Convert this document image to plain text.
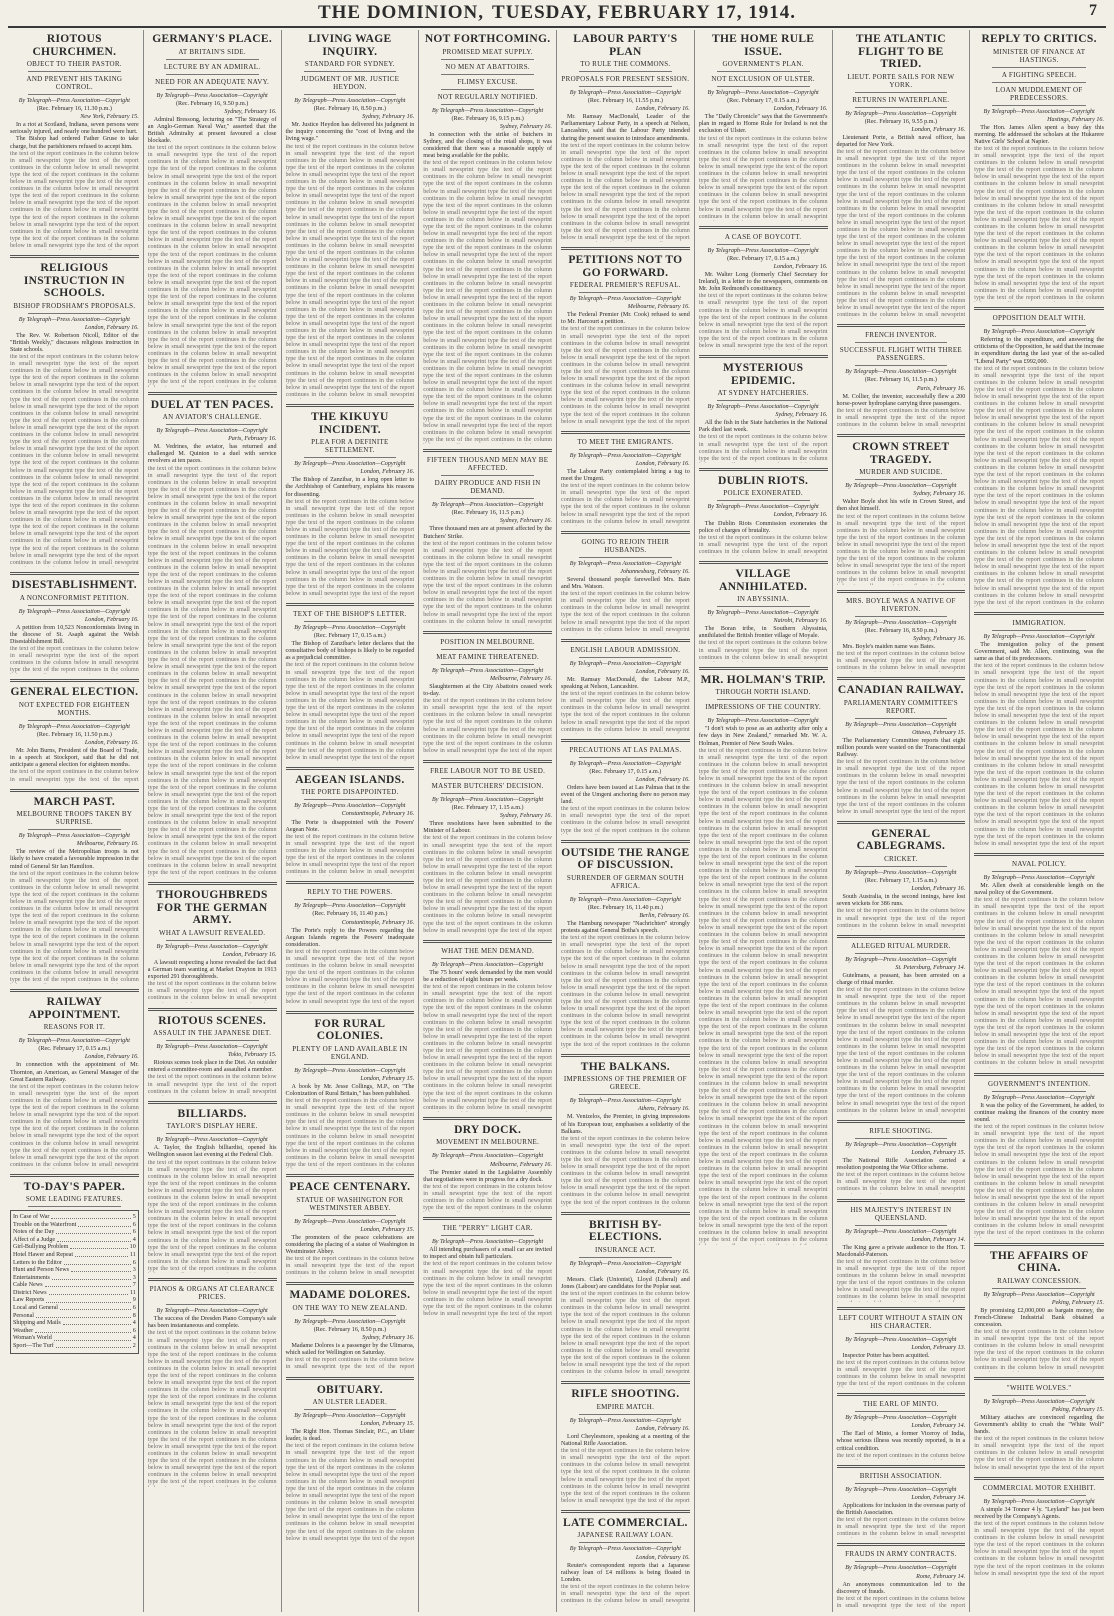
THE DOMINION, TUESDAY, FEBRUARY 17, 1914.	7
RIOTOUS CHURCHMEN.
OBJECT TO THEIR PASTOR.
AND PREVENT HIS TAKING CONTROL.
By Telegraph—Press Association—Copyright
(Rec. February 16, 11.30 p.m.)
New York, February 15.

In a riot at Scotland, Indiana, seven persons were seriously injured, and nearly one hundred were hurt.

The Bishop had ordered Father Gruse to take charge, but the parishioners refused to accept him.

the text of the report continues in the column below in small newsprint type the text of the report continues in the column below in small newsprint type the text of the report continues in the column below in small newsprint type the text of the report continues in the column below in small newsprint type the text of the report continues in the column below in small newsprint type the text of the report continues in the column below in small newsprint type the text of the report continues in the column below in small newsprint type the text of the report continues in the column below in small newsprint type the text of the report continues in the column below in small newsprint type the text of the report
RELIGIOUS INSTRUCTION IN SCHOOLS.
BISHOP FRODSHAM'S PROPOSALS.
By Telegraph—Press Association—Copyright
London, February 16.

The Rev. W. Robertson Nicoll, Editor of the "British Weekly," discusses religious instruction in State schools.

the text of the report continues in the column below in small newsprint type the text of the report continues in the column below in small newsprint type the text of the report continues in the column below in small newsprint type the text of the report continues in the column below in small newsprint type the text of the report continues in the column below in small newsprint type the text of the report continues in the column below in small newsprint type the text of the report continues in the column below in small newsprint type the text of the report continues in the column below in small newsprint type the text of the report continues in the column below in small newsprint type the text of the report continues in the column below in small newsprint type the text of the report continues in the column below in small newsprint type the text of the report continues in the column below in small newsprint type the text of the report continues in the column below in small newsprint type the text of the report continues in the column below in small newsprint type the text of the report continues in the column below in small newsprint type the text of the report continues in the column below in small newsprint type the text of the report continues in the column below in small newsprint type the text of the report continues in the column below in small newsprint type the text of the report continues in the column below in small newsprint type the text of the report continues in the column below in small newsprint
DISESTABLISHMENT.
A NONCONFORMIST PETITION.
By Telegraph—Press Association—Copyright
London, February 16.

A petition from 10,523 Nonconformists living in the diocese of St. Asaph against the Welsh Disestablishment Bill.

the text of the report continues in the column below in small newsprint type the text of the report continues in the column below in small newsprint type the text of the report continues in the column
GENERAL ELECTION.
NOT EXPECTED FOR EIGHTEEN MONTHS.
By Telegraph—Press Association—Copyright
(Rec. February 16, 11.50 p.m.)
London, February 16.

Mr. John Burns, President of the Board of Trade, in a speech at Stockport, said that he did not anticipate a general election for eighteen months.

the text of the report continues in the column below in small newsprint type the text of the report
MARCH PAST.
MELBOURNE TROOPS TAKEN BY SURPRISE.
By Telegraph—Press Association—Copyright
Melbourne, February 16.

The review of the Metropolitan troops is not likely to have created a favourable impression in the mind of General Sir Ian Hamilton.

the text of the report continues in the column below in small newsprint type the text of the report continues in the column below in small newsprint type the text of the report continues in the column below in small newsprint type the text of the report continues in the column below in small newsprint type the text of the report continues in the column below in small newsprint type the text of the report continues in the column below in small newsprint type the text of the report continues in the column below in small newsprint type the text of the report continues in the column below in small newsprint type the text of the report continues in the column below in small newsprint type the text of the report continues in the column below in small newsprint type the text of the report continues in the column
RAILWAY APPOINTMENT.
REASONS FOR IT.
By Telegraph—Press Association—Copyright
(Rec. February 17, 0.15 a.m.)
London, February 16.

In connection with the appointment of Mr. Thornton, an American, as General Manager of the Great Eastern Railway.

the text of the report continues in the column below in small newsprint type the text of the report continues in the column below in small newsprint type the text of the report continues in the column below in small newsprint type the text of the report continues in the column below in small newsprint type the text of the report continues in the column below in small newsprint type the text of the report continues in the column below in small newsprint type the text of the report continues in the column below in small newsprint type the text of the report continues in the column below in small newsprint
TO-DAY'S PAPER.
SOME LEADING FEATURES.
In Case of War	5
Trouble on the Waterfront	6
Notes of the Day	6
Affect of a Judge	4
Girl-Bullying Problem	10
Hotel Hawer and Repeat	11
Letters to the Editor	6
Hunt and Person News	3
Entertainments	3
Cable News	7
District News	11
Law Reports	9
Local and General	6
Personal	8
Shipping and Mails	4
Weather	6
Woman's World	4
Sport—The Turf	2
GERMANY'S PLACE.
AT BRITAIN'S SIDE.
LECTURE BY AN ADMIRAL.
NEED FOR AN ADEQUATE NAVY.
By Telegraph—Press Association—Copyright
(Rec. February 16, 9.50 p.m.)
Sydney, February 16.

Admiral Bressong, lecturing on "The Strategy of an Anglo-German Naval War," asserted that the British Admiralty at present favoured a close blockade.

the text of the report continues in the column below in small newsprint type the text of the report continues in the column below in small newsprint type the text of the report continues in the column below in small newsprint type the text of the report continues in the column below in small newsprint type the text of the report continues in the column below in small newsprint type the text of the report continues in the column below in small newsprint type the text of the report continues in the column below in small newsprint type the text of the report continues in the column below in small newsprint type the text of the report continues in the column below in small newsprint type the text of the report continues in the column below in small newsprint type the text of the report continues in the column below in small newsprint type the text of the report continues in the column below in small newsprint type the text of the report continues in the column below in small newsprint type the text of the report continues in the column below in small newsprint type the text of the report continues in the column below in small newsprint type the text of the report continues in the column below in small newsprint type the text of the report continues in the column below in small newsprint type the text of the report continues in the column below in small newsprint type the text of the report continues in the column below in small newsprint type the text of the report continues in the column below in small newsprint type the text of the report continues in the column below in small newsprint type the text of the report continues in the column below in small newsprint type the text of the report continues in the column
DUEL AT TEN PACES.
AN AVIATOR'S CHALLENGE.
By Telegraph—Press Association—Copyright
Paris, February 16.

M. Vedrines, the aviator, has returned and challenged M. Quinton to a duel with service revolvers at ten paces.

the text of the report continues in the column below in small newsprint type the text of the report continues in the column below in small newsprint type the text of the report continues in the column below in small newsprint type the text of the report continues in the column below in small newsprint type the text of the report continues in the column below in small newsprint type the text of the report continues in the column below in small newsprint type the text of the report continues in the column below in small newsprint type the text of the report continues in the column below in small newsprint type the text of the report continues in the column below in small newsprint type the text of the report continues in the column below in small newsprint type the text of the report continues in the column below in small newsprint type the text of the report continues in the column below in small newsprint type the text of the report continues in the column below in small newsprint type the text of the report continues in the column below in small newsprint type the text of the report continues in the column below in small newsprint type the text of the report continues in the column below in small newsprint type the text of the report continues in the column below in small newsprint type the text of the report continues in the column below in small newsprint type the text of the report continues in the column below in small newsprint type the text of the report continues in the column below in small newsprint type the text of the report continues in the column below in small newsprint type the text of the report continues in the column below in small newsprint type the text of the report continues in the column below in small newsprint type the text of the report continues in the column below in small newsprint type the text of the report continues in the column below in small newsprint type the text of the report continues in the column below in small newsprint type the text of the report continues in the column below in small newsprint type the text of the report continues in the column below in small newsprint type the text of the report continues in the column below in small newsprint type the text of the report continues in the column below in small newsprint type the text of the report continues in the column below in small newsprint type the text of the report continues in the column below in small newsprint type the text of the report continues in the column below in small newsprint type the text of the report continues in the column below in small newsprint type the text of the report continues in the column below in small newsprint type the text of the report continues in the column below in small newsprint type the text of the report continues in the column below in small newsprint type the text of the report continues in the column below in small newsprint type the text of the report continues in the column
THOROUGHBREDS FOR THE GERMAN ARMY.
WHAT A LAWSUIT REVEALED.
By Telegraph—Press Association—Copyright
London, February 16.

A lawsuit respecting a horse revealed the fact that a German team wanting at Market Drayton in 1913 exported 291 thoroughbreds.

the text of the report continues in the column below in small newsprint type the text of the report continues in the column below in small newsprint
RIOTOUS SCENES.
ASSAULT IN THE JAPANESE DIET.
By Telegraph—Press Association—Copyright
Tokio, February 15.

Riotous scenes took place in the Diet. An outsider entered a committee-room and assaulted a member.

the text of the report continues in the column below in small newsprint type the text of the report continues in the column below in small newsprint
BILLIARDS.
TAYLOR'S DISPLAY HERE.
By Telegraph—Press Association—Copyright

A. Taylor, the English billiardist, opened his Wellington season last evening at the Federal Club.

the text of the report continues in the column below in small newsprint type the text of the report continues in the column below in small newsprint type the text of the report continues in the column below in small newsprint type the text of the report continues in the column below in small newsprint type the text of the report continues in the column below in small newsprint type the text of the report continues in the column below in small newsprint type the text of the report continues in the column below in small newsprint type the text of the report continues in the column below in small newsprint type the text of the report continues in the column below in small newsprint type the text of the report continues in the column below in small newsprint type the text of the report continues in the column
PIANOS & ORGANS AT CLEARANCE PRICES.
By Telegraph—Press Association—Copyright

The success of the Dresden Piano Company's sale has been instantaneous and complete.

the text of the report continues in the column below in small newsprint type the text of the report continues in the column below in small newsprint type the text of the report continues in the column below in small newsprint type the text of the report continues in the column below in small newsprint type the text of the report continues in the column below in small newsprint type the text of the report continues in the column below in small newsprint type the text of the report continues in the column below in small newsprint type the text of the report continues in the column below in small newsprint type the text of the report continues in the column below in small newsprint type the text of the report continues in the column below in small newsprint type the text of the report continues in the column below in small newsprint type the text of the report continues in the column below in small newsprint type the text of the report continues in the column below in small newsprint type the text of the report continues in the column below in small newsprint type the text of the report continues in the column
LIVING WAGE INQUIRY.
STANDARD FOR SYDNEY.
JUDGMENT OF MR. JUSTICE HEYDON.
By Telegraph—Press Association—Copyright
(Rec. February 16, 8.50 p.m.)
Sydney, February 16.

Mr. Justice Heydon has delivered his judgment in the inquiry concerning the "cost of living and the living wage."

the text of the report continues in the column below in small newsprint type the text of the report continues in the column below in small newsprint type the text of the report continues in the column below in small newsprint type the text of the report continues in the column below in small newsprint type the text of the report continues in the column below in small newsprint type the text of the report continues in the column below in small newsprint type the text of the report continues in the column below in small newsprint type the text of the report continues in the column below in small newsprint type the text of the report continues in the column below in small newsprint type the text of the report continues in the column below in small newsprint type the text of the report continues in the column below in small newsprint type the text of the report continues in the column below in small newsprint type the text of the report continues in the column below in small newsprint type the text of the report continues in the column below in small newsprint type the text of the report continues in the column below in small newsprint type the text of the report continues in the column below in small newsprint type the text of the report continues in the column below in small newsprint type the text of the report continues in the column below in small newsprint type the text of the report continues in the column below in small newsprint type the text of the report continues in the column below in small newsprint type the text of the report continues in the column below in small newsprint type the text of the report continues in the column below in small newsprint type the text of the report continues in the column below in small newsprint type the text of the report continues in the column below in small newsprint
THE KIKUYU INCIDENT.
PLEA FOR A DEFINITE SETTLEMENT.
By Telegraph—Press Association—Copyright
London, February 16.

The Bishop of Zanzibar, in a long open letter to the Archbishop of Canterbury, explains his reasons for dissenting.

the text of the report continues in the column below in small newsprint type the text of the report continues in the column below in small newsprint type the text of the report continues in the column below in small newsprint type the text of the report continues in the column below in small newsprint type the text of the report continues in the column below in small newsprint type the text of the report continues in the column below in small newsprint type the text of the report continues in the column below in small newsprint type the text of the report continues in the column below in small newsprint type the text of the report continues in the column below in small newsprint type the text of the report
TEXT OF THE BISHOP'S LETTER.
By Telegraph—Press Association—Copyright
(Rec. February 17, 0.15 a.m.)

The Bishop of Zanzibar's letter declares that the consultative body of bishops is likely to be regarded as a prejudicial committee.

the text of the report continues in the column below in small newsprint type the text of the report continues in the column below in small newsprint type the text of the report continues in the column below in small newsprint type the text of the report continues in the column below in small newsprint type the text of the report continues in the column below in small newsprint type the text of the report continues in the column below in small newsprint type the text of the report continues in the column below in small newsprint type the text of the report continues in the column below in small newsprint type the text of the report continues in the column below in small newsprint type the text of the report
AEGEAN ISLANDS.
THE PORTE DISAPPOINTED.
By Telegraph—Press Association—Copyright
Constantinople, February 16.

The Porte is disappointed with the Powers' Aegean Note.

the text of the report continues in the column below in small newsprint type the text of the report continues in the column below in small newsprint type the text of the report continues in the column below in small newsprint type the text of the report continues in the column below in small newsprint
REPLY TO THE POWERS.
By Telegraph—Press Association—Copyright
(Rec. February 16, 11.40 p.m.)
Constantinople, February 16.

The Porte's reply to the Powers regarding the Aegean Islands regrets the Powers' inadequate consideration.

the text of the report continues in the column below in small newsprint type the text of the report continues in the column below in small newsprint type the text of the report continues in the column below in small newsprint type the text of the report continues in the column below in small newsprint type the text of the report continues in the column below in small newsprint type the text of the report
FOR RURAL COLONIES.
PLENTY OF LAND AVAILABLE IN ENGLAND.
By Telegraph—Press Association—Copyright
London, February 15.

A book by Mr. Jesse Collings, M.P., on "The Colonization of Rural Britain," has been published.

the text of the report continues in the column below in small newsprint type the text of the report continues in the column below in small newsprint type the text of the report continues in the column below in small newsprint type the text of the report continues in the column below in small newsprint type the text of the report continues in the column below in small newsprint type the text of the report continues in the column below in small newsprint type the text of the report continues in the column
PEACE CENTENARY.
STATUE OF WASHINGTON FOR WESTMINSTER ABBEY.
By Telegraph—Press Association—Copyright
London, February 15.

The promoters of the peace celebrations are considering the placing of a statue of Washington in Westminster Abbey.

the text of the report continues in the column below in small newsprint type the text of the report continues in the column below in small newsprint
MADAME DOLORES.
ON THE WAY TO NEW ZEALAND.
By Telegraph—Press Association—Copyright
(Rec. February 16, 8.50 p.m.)
Sydney, February 16.

Madame Dolores is a passenger by the Ulimaroa, which sailed for Wellington on Saturday.

the text of the report continues in the column below in small newsprint type the text of the report
OBITUARY.
AN ULSTER LEADER.
By Telegraph—Press Association—Copyright
London, February 15.

The Right Hon. Thomas Sinclair, P.C., an Ulster leader, is dead.

the text of the report continues in the column below in small newsprint type the text of the report continues in the column below in small newsprint type the text of the report continues in the column below in small newsprint type the text of the report continues in the column below in small newsprint type the text of the report continues in the column below in small newsprint type the text of the report continues in the column below in small newsprint type the text of the report continues in the column below in small newsprint type the text of the report continues in the column below in small newsprint type the text of the report continues in the column below in small newsprint type the text of the report
NOT FORTHCOMING.
PROMISED MEAT SUPPLY.
NO MEN AT ABATTOIRS.
FLIMSY EXCUSE.
NOT REGULARLY NOTIFIED.
By Telegraph—Press Association—Copyright
(Rec. February 16, 9.15 p.m.)
Sydney, February 16.

In connection with the strike of butchers in Sydney, and the closing of the retail shops, it was considered that there was a reasonable supply of meat being available for the public.

the text of the report continues in the column below in small newsprint type the text of the report continues in the column below in small newsprint type the text of the report continues in the column below in small newsprint type the text of the report continues in the column below in small newsprint type the text of the report continues in the column below in small newsprint type the text of the report continues in the column below in small newsprint type the text of the report continues in the column below in small newsprint type the text of the report continues in the column below in small newsprint type the text of the report continues in the column below in small newsprint type the text of the report continues in the column below in small newsprint type the text of the report continues in the column below in small newsprint type the text of the report continues in the column below in small newsprint type the text of the report continues in the column below in small newsprint type the text of the report continues in the column below in small newsprint type the text of the report continues in the column below in small newsprint type the text of the report continues in the column below in small newsprint type the text of the report continues in the column below in small newsprint type the text of the report continues in the column below in small newsprint type the text of the report continues in the column below in small newsprint type the text of the report continues in the column below in small newsprint type the text of the report continues in the column below in small newsprint type the text of the report continues in the column below in small newsprint type the text of the report continues in the column below in small newsprint type the text of the report continues in the column below in small newsprint type the text of the report continues in the column below in small newsprint type the text of the report continues in the column below in small newsprint type the text of the report continues in the column
FIFTEEN THOUSAND MEN MAY BE AFFECTED.
DAIRY PRODUCE AND FISH IN DEMAND.
By Telegraph—Press Association—Copyright
(Rec. February 16, 11.5 p.m.)
Sydney, February 16.

Three thousand men are at present affected by the Butchers' Strike.

the text of the report continues in the column below in small newsprint type the text of the report continues in the column below in small newsprint type the text of the report continues in the column below in small newsprint type the text of the report continues in the column below in small newsprint type the text of the report continues in the column below in small newsprint type the text of the report continues in the column below in small newsprint type the text of the report continues in the column below in small newsprint type the text of the report continues in the column below in small newsprint
POSITION IN MELBOURNE.
MEAT FAMINE THREATENED.
By Telegraph—Press Association—Copyright
Melbourne, February 16.

Slaughtermen at the City Abattoirs ceased work to-day.

the text of the report continues in the column below in small newsprint type the text of the report continues in the column below in small newsprint type the text of the report continues in the column below in small newsprint type the text of the report continues in the column below in small newsprint type the text of the report continues in the column below in small newsprint type the text of the report
FREE LABOUR NOT TO BE USED.
MASTER BUTCHERS' DECISION.
By Telegraph—Press Association—Copyright
(Rec. February 17, 1.15 a.m.)
Sydney, February 16.

Three resolutions have been submitted to the Minister of Labour.

the text of the report continues in the column below in small newsprint type the text of the report continues in the column below in small newsprint type the text of the report continues in the column below in small newsprint type the text of the report continues in the column below in small newsprint type the text of the report continues in the column below in small newsprint type the text of the report continues in the column below in small newsprint type the text of the report continues in the column below in small newsprint type the text of the report continues in the column below in small newsprint type the text of the report continues in the column below in small newsprint type the text of the report
WHAT THE MEN DEMAND.
By Telegraph—Press Association—Copyright

The 75 hours' week demanded by the men would be a reduction of eight hours per week.

the text of the report continues in the column below in small newsprint type the text of the report continues in the column below in small newsprint type the text of the report continues in the column below in small newsprint type the text of the report continues in the column below in small newsprint type the text of the report continues in the column below in small newsprint type the text of the report continues in the column below in small newsprint type the text of the report continues in the column below in small newsprint type the text of the report continues in the column below in small newsprint type the text of the report continues in the column below in small newsprint type the text of the report continues in the column below in small newsprint type the text of the report continues in the column below in small newsprint type the text of the report continues in the column below in small newsprint
DRY DOCK.
MOVEMENT IN MELBOURNE.
By Telegraph—Press Association—Copyright
Melbourne, February 16.

The Premier stated in the Legislative Assembly that negotiations were in progress for a dry dock.

the text of the report continues in the column below in small newsprint type the text of the report continues in the column below in small newsprint type the text of the report continues in the column
THE "PERRY" LIGHT CAR.
By Telegraph—Press Association—Copyright

All intending purchasers of a small car are invited to inspect and obtain full particulars.

the text of the report continues in the column below in small newsprint type the text of the report continues in the column below in small newsprint type the text of the report continues in the column below in small newsprint type the text of the report continues in the column below in small newsprint type the text of the report continues in the column below in small newsprint type the text of the report
LABOUR PARTY'S PLAN
TO RULE THE COMMONS.
PROPOSALS FOR PRESENT SESSION.
By Telegraph—Press Association—Copyright
(Rec. February 16, 11.55 p.m.)
London, February 16.

Mr. Ramsay MacDonald, Leader of the Parliamentary Labour Party, in a speech at Nelson, Lancashire, said that the Labour Party intended during the present session to introduce amendments.

the text of the report continues in the column below in small newsprint type the text of the report continues in the column below in small newsprint type the text of the report continues in the column below in small newsprint type the text of the report continues in the column below in small newsprint type the text of the report continues in the column below in small newsprint type the text of the report continues in the column below in small newsprint type the text of the report continues in the column below in small newsprint type the text of the report continues in the column below in small newsprint type the text of the report continues in the column below in small newsprint type the text of the report
PETITIONS NOT TO GO FORWARD.
FEDERAL PREMIER'S REFUSAL.
By Telegraph—Press Association—Copyright
Melbourne, February 16.

The Federal Premier (Mr. Cook) refused to send to Mr. Harcourt a petition.

the text of the report continues in the column below in small newsprint type the text of the report continues in the column below in small newsprint type the text of the report continues in the column below in small newsprint type the text of the report continues in the column below in small newsprint type the text of the report continues in the column below in small newsprint type the text of the report continues in the column below in small newsprint type the text of the report continues in the column below in small newsprint type the text of the report continues in the column below in small newsprint type the text of the report continues in the column below in small newsprint type the text of the report
TO MEET THE EMIGRANTS.
By Telegraph—Press Association—Copyright
London, February 16.

The Labour Party contemplated hiring a tug to meet the Umgeni.

the text of the report continues in the column below in small newsprint type the text of the report continues in the column below in small newsprint type the text of the report continues in the column below in small newsprint type the text of the report continues in the column below in small newsprint
GOING TO REJOIN THEIR HUSBANDS.
By Telegraph—Press Association—Copyright
Johannesburg, February 16.

Several thousand people farewelled Mrs. Bain and Mrs. Watson.

the text of the report continues in the column below in small newsprint type the text of the report continues in the column below in small newsprint type the text of the report continues in the column below in small newsprint type the text of the report continues in the column below in small newsprint
ENGLISH LABOUR ADMISSION.
By Telegraph—Press Association—Copyright
London, February 16.

Mr. Ramsay MacDonald, the Labour M.P., speaking at Nelson, Lancashire.

the text of the report continues in the column below in small newsprint type the text of the report continues in the column below in small newsprint type the text of the report continues in the column below in small newsprint type the text of the report continues in the column below in small newsprint
PRECAUTIONS AT LAS PALMAS.
By Telegraph—Press Association—Copyright
(Rec. February 17, 0.15 a.m.)
London, February 16.

Orders have been issued at Las Palmas that in the event of the Umgeni anchoring there no person may land.

the text of the report continues in the column below in small newsprint type the text of the report continues in the column below in small newsprint type the text of the report continues in the column
OUTSIDE THE RANGE OF DISCUSSION.
SURRENDER OF GERMAN SOUTH AFRICA.
By Telegraph—Press Association—Copyright
(Rec. February 16, 11.40 p.m.)
Berlin, February 16.

The Hamburg newspaper "Nachrichten" strongly protests against General Botha's speech.

the text of the report continues in the column below in small newsprint type the text of the report continues in the column below in small newsprint type the text of the report continues in the column below in small newsprint type the text of the report continues in the column below in small newsprint type the text of the report continues in the column below in small newsprint type the text of the report continues in the column below in small newsprint type the text of the report continues in the column below in small newsprint type the text of the report continues in the column below in small newsprint type the text of the report continues in the column below in small newsprint type the text of the report continues in the column below in small newsprint type the text of the report continues in the column
THE BALKANS.
IMPRESSIONS OF THE PREMIER OF GREECE.
By Telegraph—Press Association—Copyright
Athens, February 16.

M. Venizelos, the Premier, in giving impressions of his European tour, emphasises a solidarity of the Balkans.

the text of the report continues in the column below in small newsprint type the text of the report continues in the column below in small newsprint type the text of the report continues in the column below in small newsprint type the text of the report continues in the column below in small newsprint type the text of the report continues in the column below in small newsprint type the text of the report continues in the column below in small newsprint type the text of the report continues in the column
BRITISH BY-ELECTIONS.
INSURANCE ACT.
By Telegraph—Press Association—Copyright
London, February 16.

Messrs. Clark (Unionist), Lloyd (Liberal) and Jones (Labour) are candidates for the Poplar seat.

the text of the report continues in the column below in small newsprint type the text of the report continues in the column below in small newsprint type the text of the report continues in the column below in small newsprint type the text of the report continues in the column below in small newsprint type the text of the report continues in the column below in small newsprint type the text of the report continues in the column below in small newsprint type the text of the report continues in the column below in small newsprint type the text of the report continues in the column below in small newsprint
RIFLE SHOOTING.
EMPIRE MATCH.
By Telegraph—Press Association—Copyright
London, February 16.

Lord Cheylesmore, speaking at a meeting of the National Rifle Association.

the text of the report continues in the column below in small newsprint type the text of the report continues in the column below in small newsprint type the text of the report continues in the column below in small newsprint type the text of the report continues in the column below in small newsprint type the text of the report continues in the column below in small newsprint type the text of the report
LATE COMMERCIAL.
JAPANESE RAILWAY LOAN.
By Telegraph—Press Association—Copyright
London, February 16.

Reuter's correspondent reports that a Japanese railway loan of £4 millions is being floated in London.

the text of the report continues in the column below in small newsprint type the text of the report continues in the column below in small newsprint
THE HOME RULE ISSUE.
GOVERNMENT'S PLAN.
NOT EXCLUSION OF ULSTER.
By Telegraph—Press Association—Copyright
(Rec. February 17, 0.15 a.m.)
London, February 16.

The "Daily Chronicle" says that the Government's plan in regard to Home Rule for Ireland is not the exclusion of Ulster.

the text of the report continues in the column below in small newsprint type the text of the report continues in the column below in small newsprint type the text of the report continues in the column below in small newsprint type the text of the report continues in the column below in small newsprint type the text of the report continues in the column below in small newsprint type the text of the report continues in the column below in small newsprint type the text of the report continues in the column below in small newsprint type the text of the report continues in the column below in small newsprint
A CASE OF BOYCOTT.
By Telegraph—Press Association—Copyright
(Rec. February 17, 0.15 a.m.)
London, February 16.

Mr. Walter Long (formerly Chief Secretary for Ireland), in a letter to the newspapers, comments on Mr. John Redmond's constituency.

the text of the report continues in the column below in small newsprint type the text of the report continues in the column below in small newsprint type the text of the report continues in the column below in small newsprint type the text of the report continues in the column below in small newsprint type the text of the report continues in the column below in small newsprint type the text of the report
MYSTERIOUS EPIDEMIC.
AT SYDNEY HATCHERIES.
By Telegraph—Press Association—Copyright
Sydney, February 16.

All the fish in the State hatcheries in the National Park died last week.

the text of the report continues in the column below in small newsprint type the text of the report continues in the column below in small newsprint type the text of the report continues in the column
DUBLIN RIOTS.
POLICE EXONERATED.
By Telegraph—Press Association—Copyright
London, February 16.

The Dublin Riots Commission exonerates the police of charges of brutality.

the text of the report continues in the column below in small newsprint type the text of the report continues in the column below in small newsprint
VILLAGE ANNIHILATED.
IN ABYSSINIA.
By Telegraph—Press Association—Copyright
Nairobi, February 16.

The Boran tribe, in Southern Abyssinia, annihilated the British frontier village of Moyale.

the text of the report continues in the column below in small newsprint type the text of the report continues in the column below in small newsprint
MR. HOLMAN'S TRIP.
THROUGH NORTH ISLAND.
IMPRESSIONS OF THE COUNTRY.
By Telegraph—Press Association—Copyright

"I don't wish to pose as an authority after only a few days in New Zealand," remarked Mr. W. A. Holman, Premier of New South Wales.

the text of the report continues in the column below in small newsprint type the text of the report continues in the column below in small newsprint type the text of the report continues in the column below in small newsprint type the text of the report continues in the column below in small newsprint type the text of the report continues in the column below in small newsprint type the text of the report continues in the column below in small newsprint type the text of the report continues in the column below in small newsprint type the text of the report continues in the column below in small newsprint type the text of the report continues in the column below in small newsprint type the text of the report continues in the column below in small newsprint type the text of the report continues in the column below in small newsprint type the text of the report continues in the column below in small newsprint type the text of the report continues in the column below in small newsprint type the text of the report continues in the column below in small newsprint type the text of the report continues in the column below in small newsprint type the text of the report continues in the column below in small newsprint type the text of the report continues in the column below in small newsprint type the text of the report continues in the column below in small newsprint type the text of the report continues in the column below in small newsprint type the text of the report continues in the column below in small newsprint type the text of the report continues in the column below in small newsprint type the text of the report continues in the column below in small newsprint type the text of the report continues in the column below in small newsprint type the text of the report continues in the column below in small newsprint type the text of the report continues in the column below in small newsprint type the text of the report continues in the column below in small newsprint type the text of the report continues in the column below in small newsprint type the text of the report continues in the column below in small newsprint type the text of the report continues in the column below in small newsprint type the text of the report continues in the column below in small newsprint type the text of the report continues in the column below in small newsprint type the text of the report continues in the column below in small newsprint type the text of the report continues in the column below in small newsprint type the text of the report continues in the column below in small newsprint type the text of the report continues in the column below in small newsprint type the text of the report continues in the column below in small newsprint type the text of the report continues in the column below in small newsprint type the text of the report continues in the column below in small newsprint type the text of the report continues in the column below in small newsprint type the text of the report continues in the column below in small newsprint type the text of the report continues in the column below in small newsprint type the text of the report continues in the column below in small newsprint type the text of the report continues in the column below in small newsprint type the text of the report continues in the column below in small newsprint type the text of the report continues in the column below in small newsprint type the text of the report continues in the column below in small newsprint type the text of the report continues in the column
THE ATLANTIC FLIGHT TO BE TRIED.
LIEUT. PORTE SAILS FOR NEW YORK.
RETURNS IN WATERPLANE.
By Telegraph—Press Association—Copyright
(Rec. February 16, 9.55 p.m.)
London, February 16.

Lieutenant Porte, a British naval officer, has departed for New York.

the text of the report continues in the column below in small newsprint type the text of the report continues in the column below in small newsprint type the text of the report continues in the column below in small newsprint type the text of the report continues in the column below in small newsprint type the text of the report continues in the column below in small newsprint type the text of the report continues in the column below in small newsprint type the text of the report continues in the column below in small newsprint type the text of the report continues in the column below in small newsprint type the text of the report continues in the column below in small newsprint type the text of the report continues in the column below in small newsprint type the text of the report continues in the column below in small newsprint type the text of the report continues in the column below in small newsprint type the text of the report continues in the column below in small newsprint type the text of the report continues in the column below in small newsprint type the text of the report continues in the column below in small newsprint type the text of the report continues in the column below in small newsprint
FRENCH INVENTOR.
SUCCESSFUL FLIGHT WITH THREE PASSENGERS.
By Telegraph—Press Association—Copyright
(Rec. February 16, 11.5 p.m.)
Paris, February 16.

M. Collier, the inventor, successfully flew a 200 horse-power hydroplane carrying three passengers.

the text of the report continues in the column below in small newsprint type the text of the report continues in the column below in small newsprint
CROWN STREET TRAGEDY.
MURDER AND SUICIDE.
By Telegraph—Press Association—Copyright
Sydney, February 16.

Walter Boyle shot his wife in Crown Street, and then shot himself.

the text of the report continues in the column below in small newsprint type the text of the report continues in the column below in small newsprint type the text of the report continues in the column below in small newsprint type the text of the report continues in the column below in small newsprint type the text of the report continues in the column below in small newsprint type the text of the report continues in the column below in small newsprint type the text of the report continues in the column
MRS. BOYLE WAS A NATIVE OF RIVERTON.
By Telegraph—Press Association—Copyright
(Rec. February 16, 8.50 p.m.)
Sydney, February 16.

Mrs. Boyle's maiden name was Bates.

the text of the report continues in the column below in small newsprint type the text of the report continues in the column below in small newsprint
CANADIAN RAILWAY.
PARLIAMENTARY COMMITTEE'S REPORT.
By Telegraph—Press Association—Copyright
Ottawa, February 15.

The Parliamentary Committee reports that eight million pounds were wasted on the Transcontinental Railway.

the text of the report continues in the column below in small newsprint type the text of the report continues in the column below in small newsprint type the text of the report continues in the column below in small newsprint type the text of the report continues in the column below in small newsprint type the text of the report continues in the column below in small newsprint type the text of the report
GENERAL CABLEGRAMS.
CRICKET.
By Telegraph—Press Association—Copyright
(Rec. February 17, 1.15 a.m.)
London, February 16.

South Australia, in the second innings, have lost seven wickets for 386 runs.

the text of the report continues in the column below in small newsprint type the text of the report continues in the column below in small newsprint
ALLEGED RITUAL MURDER.
By Telegraph—Press Association—Copyright
St. Petersburg, February 14.

Gutelmans, a peasant, has been arrested on a charge of ritual murder.

the text of the report continues in the column below in small newsprint type the text of the report continues in the column below in small newsprint type the text of the report continues in the column below in small newsprint type the text of the report continues in the column below in small newsprint type the text of the report continues in the column below in small newsprint type the text of the report continues in the column below in small newsprint type the text of the report continues in the column below in small newsprint type the text of the report continues in the column below in small newsprint type the text of the report continues in the column below in small newsprint type the text of the report continues in the column below in small newsprint type the text of the report continues in the column below in small newsprint type the text of the report continues in the column below in small newsprint
RIFLE SHOOTING.
By Telegraph—Press Association—Copyright
London, February 15.

The National Rifle Association carried a resolution postponing the War Office scheme.

the text of the report continues in the column below in small newsprint type the text of the report continues in the column below in small newsprint
HIS MAJESTY'S INTEREST IN QUEENSLAND.
By Telegraph—Press Association—Copyright
London, February 14.

The King gave a private audience to the Hon. T. Macdonald-Paterson.

the text of the report continues in the column below in small newsprint type the text of the report continues in the column below in small newsprint type the text of the report continues in the column below in small newsprint type the text of the report continues in the column below in small newsprint
LEFT COURT WITHOUT A STAIN ON HIS CHARACTER.
By Telegraph—Press Association—Copyright
London, February 13.

Inspector Potter has been acquitted.

the text of the report continues in the column below in small newsprint type the text of the report continues in the column below in small newsprint type the text of the report continues in the column
THE EARL OF MINTO.
By Telegraph—Press Association—Copyright
London, February 14.

The Earl of Minto, a former Viceroy of India, whose serious illness was recently reported, is in a critical condition.

the text of the report continues in the column below
BRITISH ASSOCIATION.
By Telegraph—Press Association—Copyright
London, February 14.

Applications for inclusion in the overseas party of the British Association.

the text of the report continues in the column below in small newsprint type the text of the report continues in the column below in small newsprint
FRAUDS IN ARMY CONTRACTS.
By Telegraph—Press Association—Copyright
Rome, February 14.

An anonymous communication led to the discovery of frauds.

the text of the report continues in the column below in small newsprint type the text of the report

REPLY TO CRITICS.
MINISTER OF FINANCE AT HASTINGS.
A FIGHTING SPEECH.
LOAN MUDDLEMENT OF PREDECESSORS.
By Telegraph—Press Association—Copyright
Hastings, February 16.

The Hon. James Allen spent a busy day this morning. He addressed the scholars at the Hukarere Native Girls' School at Napier.

the text of the report continues in the column below in small newsprint type the text of the report continues in the column below in small newsprint type the text of the report continues in the column below in small newsprint type the text of the report continues in the column below in small newsprint type the text of the report continues in the column below in small newsprint type the text of the report continues in the column below in small newsprint type the text of the report continues in the column below in small newsprint type the text of the report continues in the column below in small newsprint type the text of the report continues in the column below in small newsprint type the text of the report continues in the column below in small newsprint type the text of the report continues in the column below in small newsprint type the text of the report continues in the column below in small newsprint type the text of the report continues in the column below in small newsprint type the text of the report continues in the column below in small newsprint type the text of the report continues in the column
OPPOSITION DEALT WITH.
By Telegraph—Press Association—Copyright

Referring to the expenditure, and answering the criticisms of the Opposition, he said that the increase in expenditure during the last year of the so-called "Liberal Party" was £992,000.

the text of the report continues in the column below in small newsprint type the text of the report continues in the column below in small newsprint type the text of the report continues in the column below in small newsprint type the text of the report continues in the column below in small newsprint type the text of the report continues in the column below in small newsprint type the text of the report continues in the column below in small newsprint type the text of the report continues in the column below in small newsprint type the text of the report continues in the column below in small newsprint type the text of the report continues in the column below in small newsprint type the text of the report continues in the column below in small newsprint type the text of the report continues in the column below in small newsprint type the text of the report continues in the column below in small newsprint type the text of the report continues in the column below in small newsprint type the text of the report continues in the column below in small newsprint type the text of the report continues in the column below in small newsprint type the text of the report continues in the column below in small newsprint type the text of the report continues in the column below in small newsprint type the text of the report continues in the column below in small newsprint type the text of the report continues in the column below in small newsprint type the text of the report continues in the column below in small newsprint type the text of the report continues in the column below in small newsprint type the text of the report continues in the column below in small newsprint type the text of the report continues in the column
IMMIGRATION.
By Telegraph—Press Association—Copyright

The immigration policy of the present Government, said Mr. Allen, continuing, was the same as that of its predecessors.

the text of the report continues in the column below in small newsprint type the text of the report continues in the column below in small newsprint type the text of the report continues in the column below in small newsprint type the text of the report continues in the column below in small newsprint type the text of the report continues in the column below in small newsprint type the text of the report continues in the column below in small newsprint type the text of the report continues in the column below in small newsprint type the text of the report continues in the column below in small newsprint type the text of the report continues in the column below in small newsprint type the text of the report continues in the column below in small newsprint type the text of the report continues in the column below in small newsprint type the text of the report continues in the column below in small newsprint type the text of the report continues in the column below in small newsprint type the text of the report continues in the column below in small newsprint type the text of the report continues in the column below in small newsprint type the text of the report continues in the column below in small newsprint type the text of the report continues in the column below in small newsprint type the text of the report
NAVAL POLICY.
By Telegraph—Press Association—Copyright

Mr. Allen dwelt at considerable length on the naval policy of the Government.

the text of the report continues in the column below in small newsprint type the text of the report continues in the column below in small newsprint type the text of the report continues in the column below in small newsprint type the text of the report continues in the column below in small newsprint type the text of the report continues in the column below in small newsprint type the text of the report continues in the column below in small newsprint type the text of the report continues in the column below in small newsprint type the text of the report continues in the column below in small newsprint type the text of the report continues in the column below in small newsprint type the text of the report continues in the column below in small newsprint type the text of the report continues in the column below in small newsprint type the text of the report continues in the column below in small newsprint type the text of the report continues in the column below in small newsprint type the text of the report continues in the column below in small newsprint type the text of the report continues in the column below in small newsprint type the text of the report continues in the column below in small newsprint
GOVERNMENT'S INTENTION.
By Telegraph—Press Association—Copyright

It was the policy of the Government, he added, to continue making the finances of the country more sound.

the text of the report continues in the column below in small newsprint type the text of the report continues in the column below in small newsprint type the text of the report continues in the column below in small newsprint type the text of the report continues in the column below in small newsprint type the text of the report continues in the column below in small newsprint type the text of the report continues in the column below in small newsprint type the text of the report continues in the column below in small newsprint type the text of the report continues in the column below in small newsprint type the text of the report continues in the column below in small newsprint type the text of the report continues in the column below in small newsprint type the text of the report continues in the column
THE AFFAIRS OF CHINA.
RAILWAY CONCESSION.
By Telegraph—Press Association—Copyright
Peking, February 15.

By promising £2,000,000 as bargain money, the French-Chinese Industrial Bank obtained a concession.

the text of the report continues in the column below in small newsprint type the text of the report continues in the column below in small newsprint type the text of the report continues in the column below in small newsprint type the text of the report continues in the column below in small newsprint
"WHITE WOLVES."
By Telegraph—Press Association—Copyright
Peking, February 15.

Military attaches are convinced regarding the Government's ability to crush the "White Wolf" bands.

the text of the report continues in the column below in small newsprint type the text of the report continues in the column below in small newsprint type the text of the report continues in the column below in small newsprint type the text of the report
COMMERCIAL MOTOR EXHIBIT.
By Telegraph—Press Association—Copyright

A simple 34 Tonner 4 ly. "Leyland" has just been received by the Company's Agents.

the text of the report continues in the column below in small newsprint type the text of the report continues in the column below in small newsprint type the text of the report continues in the column below in small newsprint type the text of the report continues in the column below in small newsprint type the text of the report continues in the column below in small newsprint type the text of the report
